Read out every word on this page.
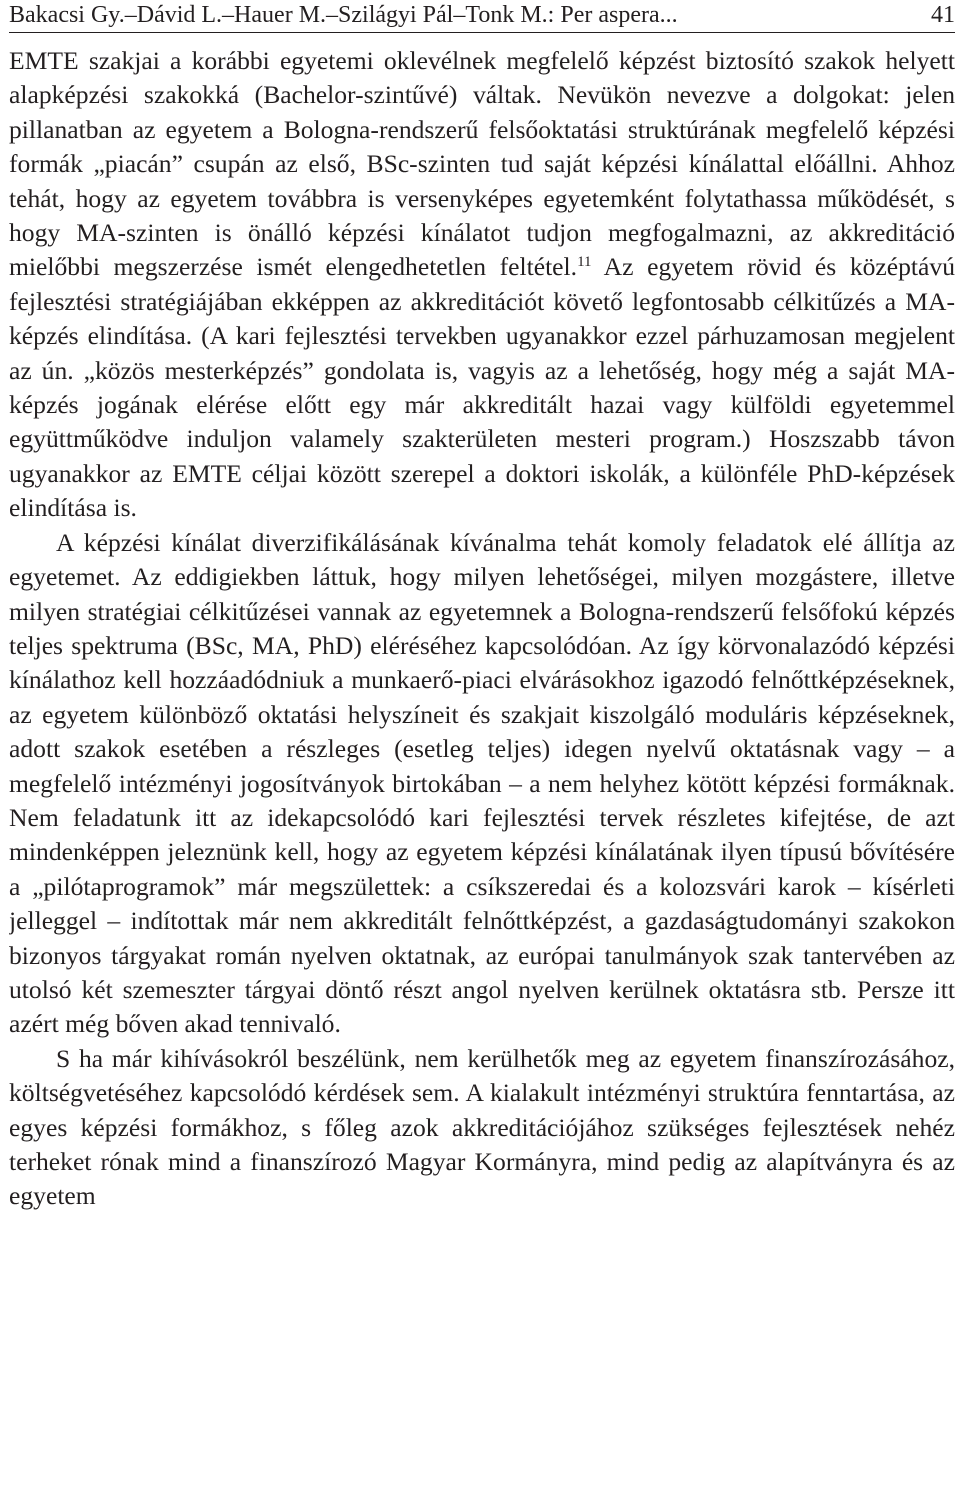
Bakacsi Gy.–Dávid L.–Hauer M.–Szilágyi Pál–Tonk M.: Per aspera...	41

EMTE szakjai a korábbi egyetemi oklevélnek megfelelő képzést biztosító szakok helyett alapképzési szakokká (Bachelor-szintűvé) váltak. Nevükön nevezve a dolgokat: jelen pillanatban az egyetem a Bologna-rendszerű felsőoktatási struktúrának megfelelő képzési formák „piacán” csupán az első, BSc-szinten tud saját képzési kínálattal előállni. Ahhoz tehát, hogy az egyetem továbbra is versenyképes egyetemként folytathassa működését, s hogy MA-szinten is önálló képzési kínálatot tudjon megfogalmazni, az akkreditáció mielőbbi megszerzése ismét elengedhetetlen feltétel.$^{11}$ Az egyetem rövid és középtávú fejlesztési stratégiájában ekképpen az akkreditációt követő legfontosabb célkitűzés a MA-képzés elindítása. (A kari fejlesztési tervekben ugyanakkor ezzel párhuzamosan megjelent az ún. „közös mesterképzés” gondolata is, vagyis az a lehetőség, hogy még a saját MA-képzés jogának elérése előtt egy már akkreditált hazai vagy külföldi egyetemmel együttműködve induljon valamely szakterületen mesteri program.) Hoszszabb távon ugyanakkor az EMTE céljai között szerepel a doktori iskolák, a különféle PhD-képzések elindítása is.

A képzési kínálat diverzifikálásának kívánalma tehát komoly feladatok elé állítja az egyetemet. Az eddigiekben láttuk, hogy milyen lehetőségei, milyen mozgástere, illetve milyen stratégiai célkitűzései vannak az egyetemnek a Bologna-rendszerű felsőfokú képzés teljes spektruma (BSc, MA, PhD) eléréséhez kapcsolódóan. Az így körvonalazódó képzési kínálathoz kell hozzáadódniuk a munkaerő-piaci elvárásokhoz igazodó felnőttképzéseknek, az egyetem különböző oktatási helyszíneit és szakjait kiszolgáló moduláris képzéseknek, adott szakok esetében a részleges (esetleg teljes) idegen nyelvű oktatásnak vagy – a megfelelő intézményi jogosítványok birtokában – a nem helyhez kötött képzési formáknak. Nem feladatunk itt az idekapcsolódó kari fejlesztési tervek részletes kifejtése, de azt mindenképpen jeleznünk kell, hogy az egyetem képzési kínálatának ilyen típusú bővítésére a „pilótaprogramok” már megszülettek: a csíkszeredai és a kolozsvári karok – kísérleti jelleggel – indítottak már nem akkreditált felnőttképzést, a gazdaságtudományi szakokon bizonyos tárgyakat román nyelven oktatnak, az európai tanulmányok szak tantervében az utolsó két szemeszter tárgyai döntő részt angol nyelven kerülnek oktatásra stb. Persze itt azért még bőven akad tennivaló.

S ha már kihívásokról beszélünk, nem kerülhetők meg az egyetem finanszírozásához, költségvetéséhez kapcsolódó kérdések sem. A kialakult intézményi struktúra fenntartása, az egyes képzési formákhoz, s főleg azok akkreditációjához szükséges fejlesztések nehéz terheket rónak mind a finanszírozó Magyar Kormányra, mind pedig az alapítványra és az egyetem
